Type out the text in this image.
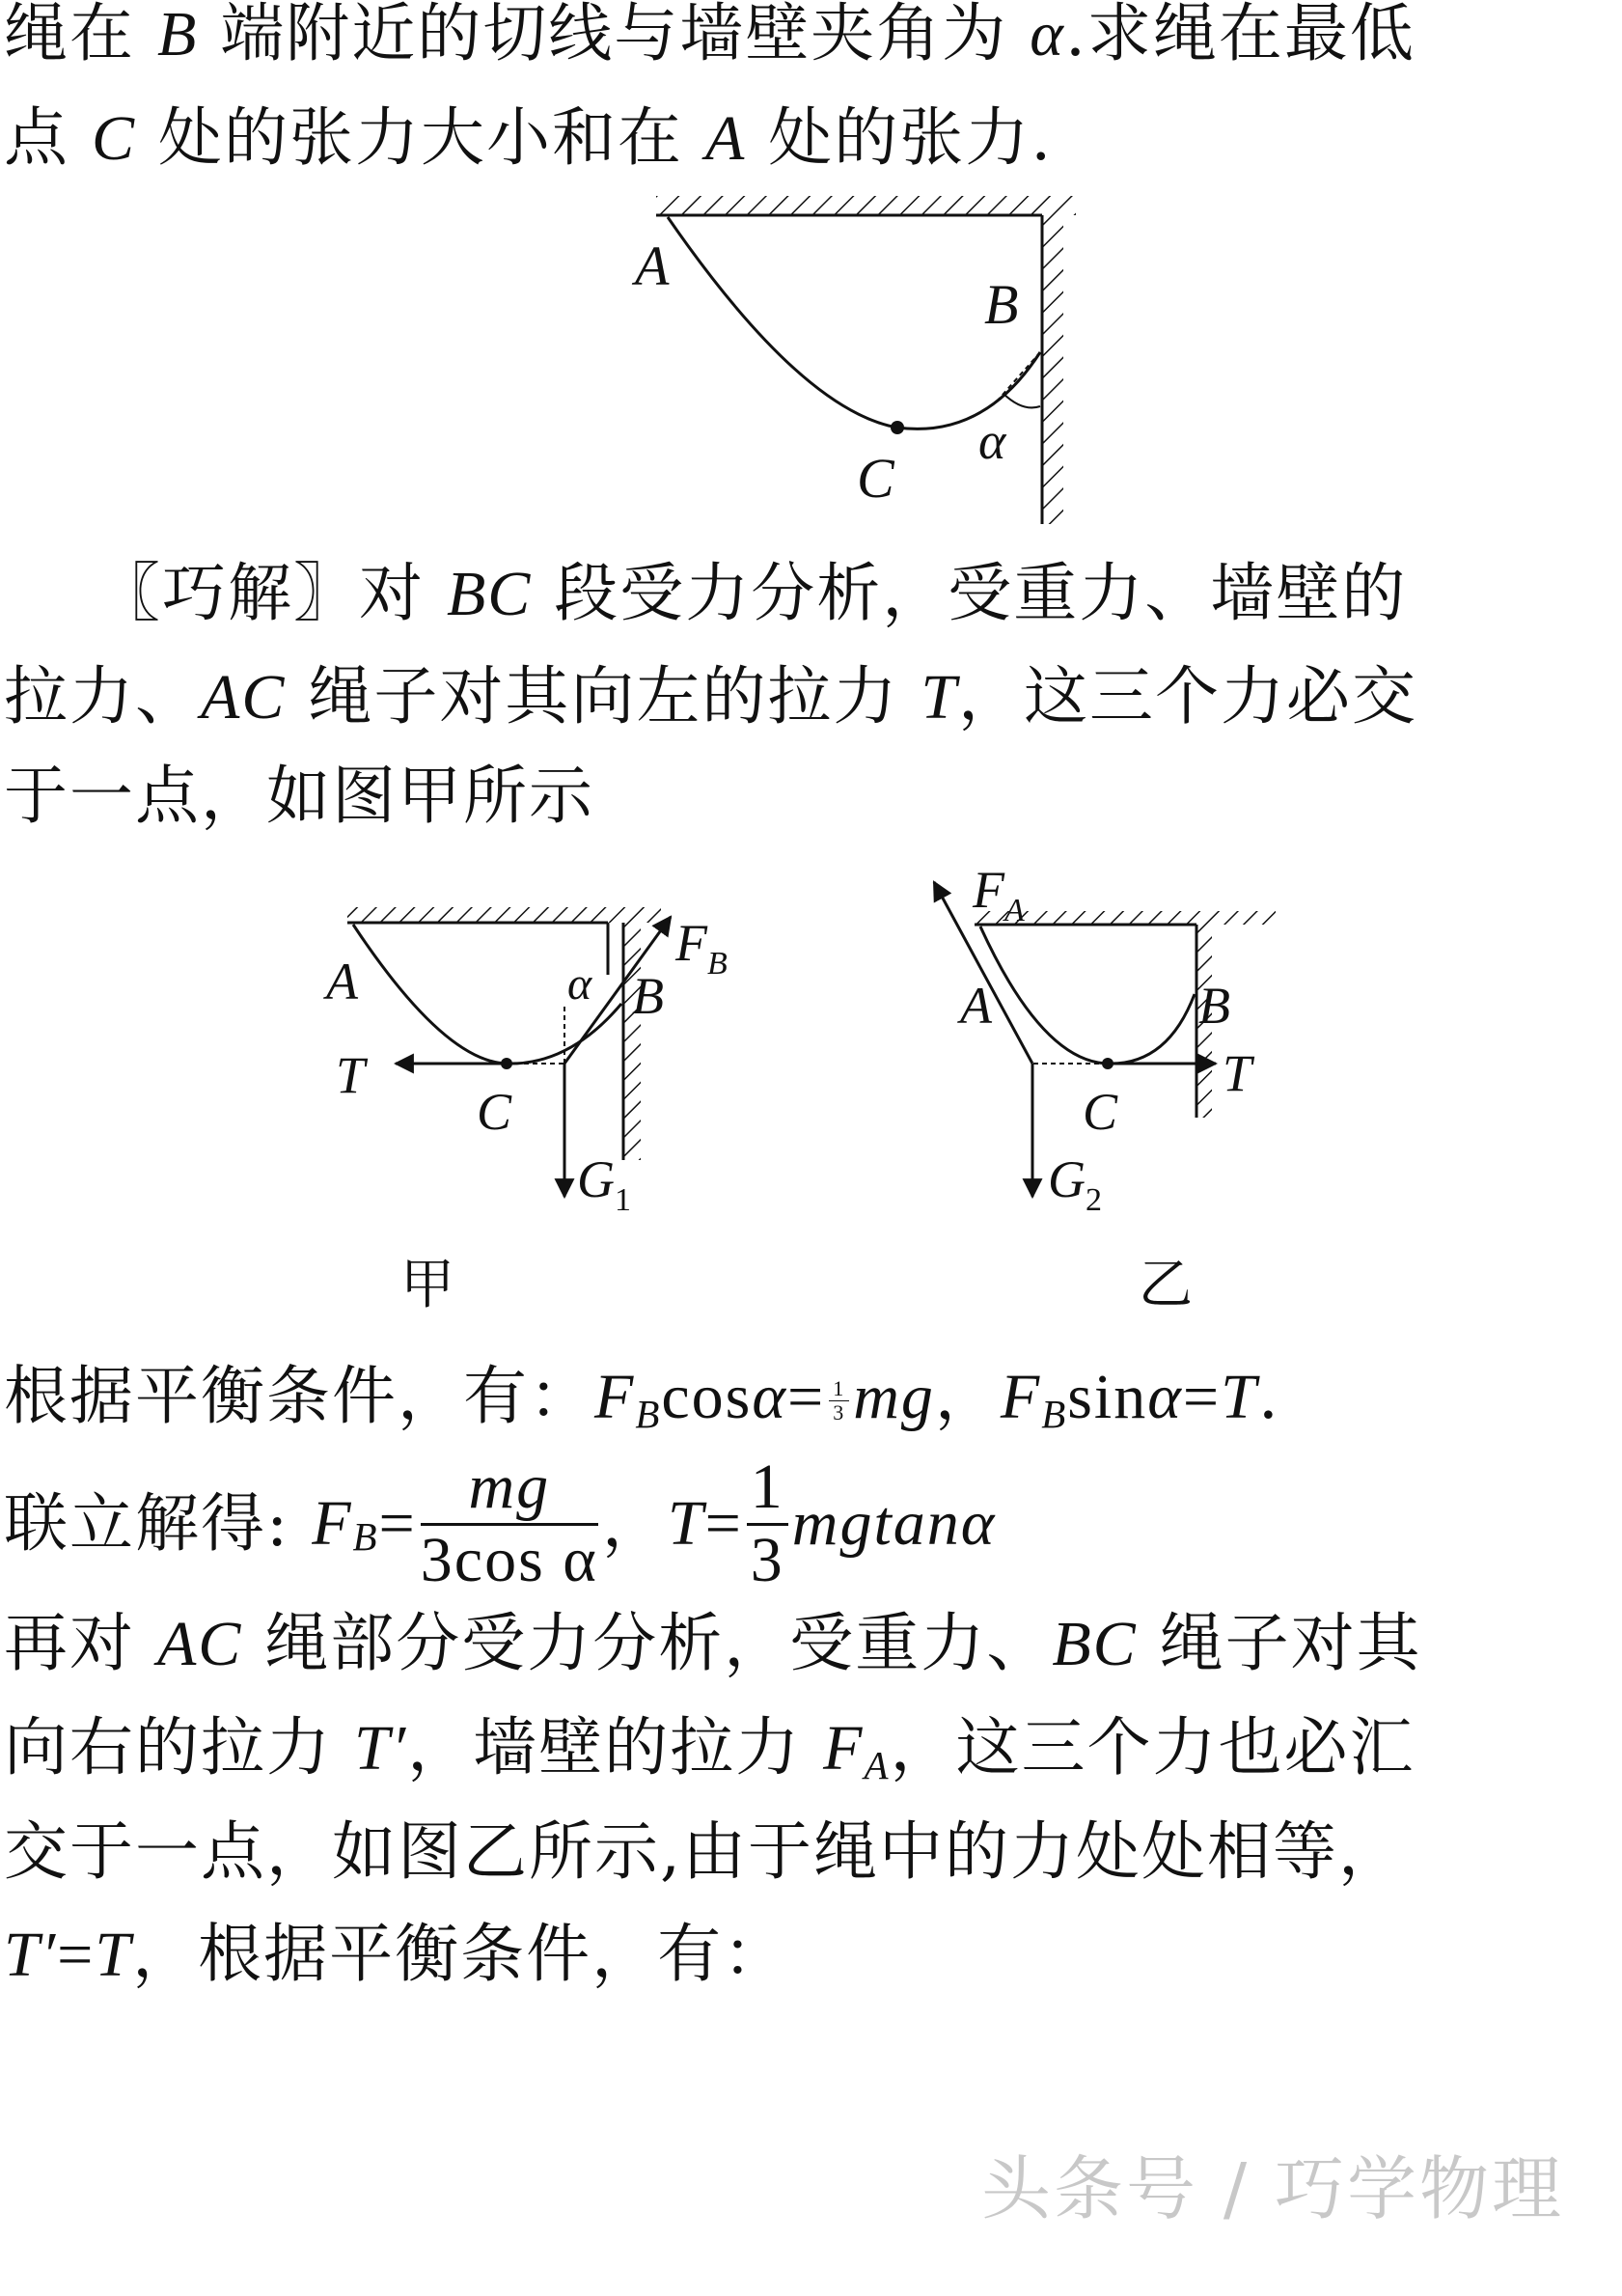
绳在 B 端附近的切线与墙壁夹角为 α.求绳在最低

点 C 处的张力大小和在 A 处的张力.

A
B
C
α

〖巧解〗对 BC 段受力分析，受重力、墙壁的

拉力、AC 绳子对其向左的拉力 T，这三个力必交

于一点，如图甲所示

A	B
C
α
T
$F_B$
$G_1$
甲
A	B
C
T
$F_A$
$G_2$
乙

根据平衡条件，有：$F_B\cos\alpha= \frac{1}{3}$ mg，$F_B\sin\alpha=T$.

联立解得: $F_B= \frac{mg}{\text{3cos α}}$ ，$T= \frac{1}{3}$ mgtanα

再对 AC 绳部分受力分析，受重力、BC 绳子对其

向右的拉力 T′，墙壁的拉力 $F_A$，这三个力也必汇

交于一点，如图乙所示,由于绳中的力处处相等，

T′=T，根据平衡条件，有：

头条号 / 巧学物理
